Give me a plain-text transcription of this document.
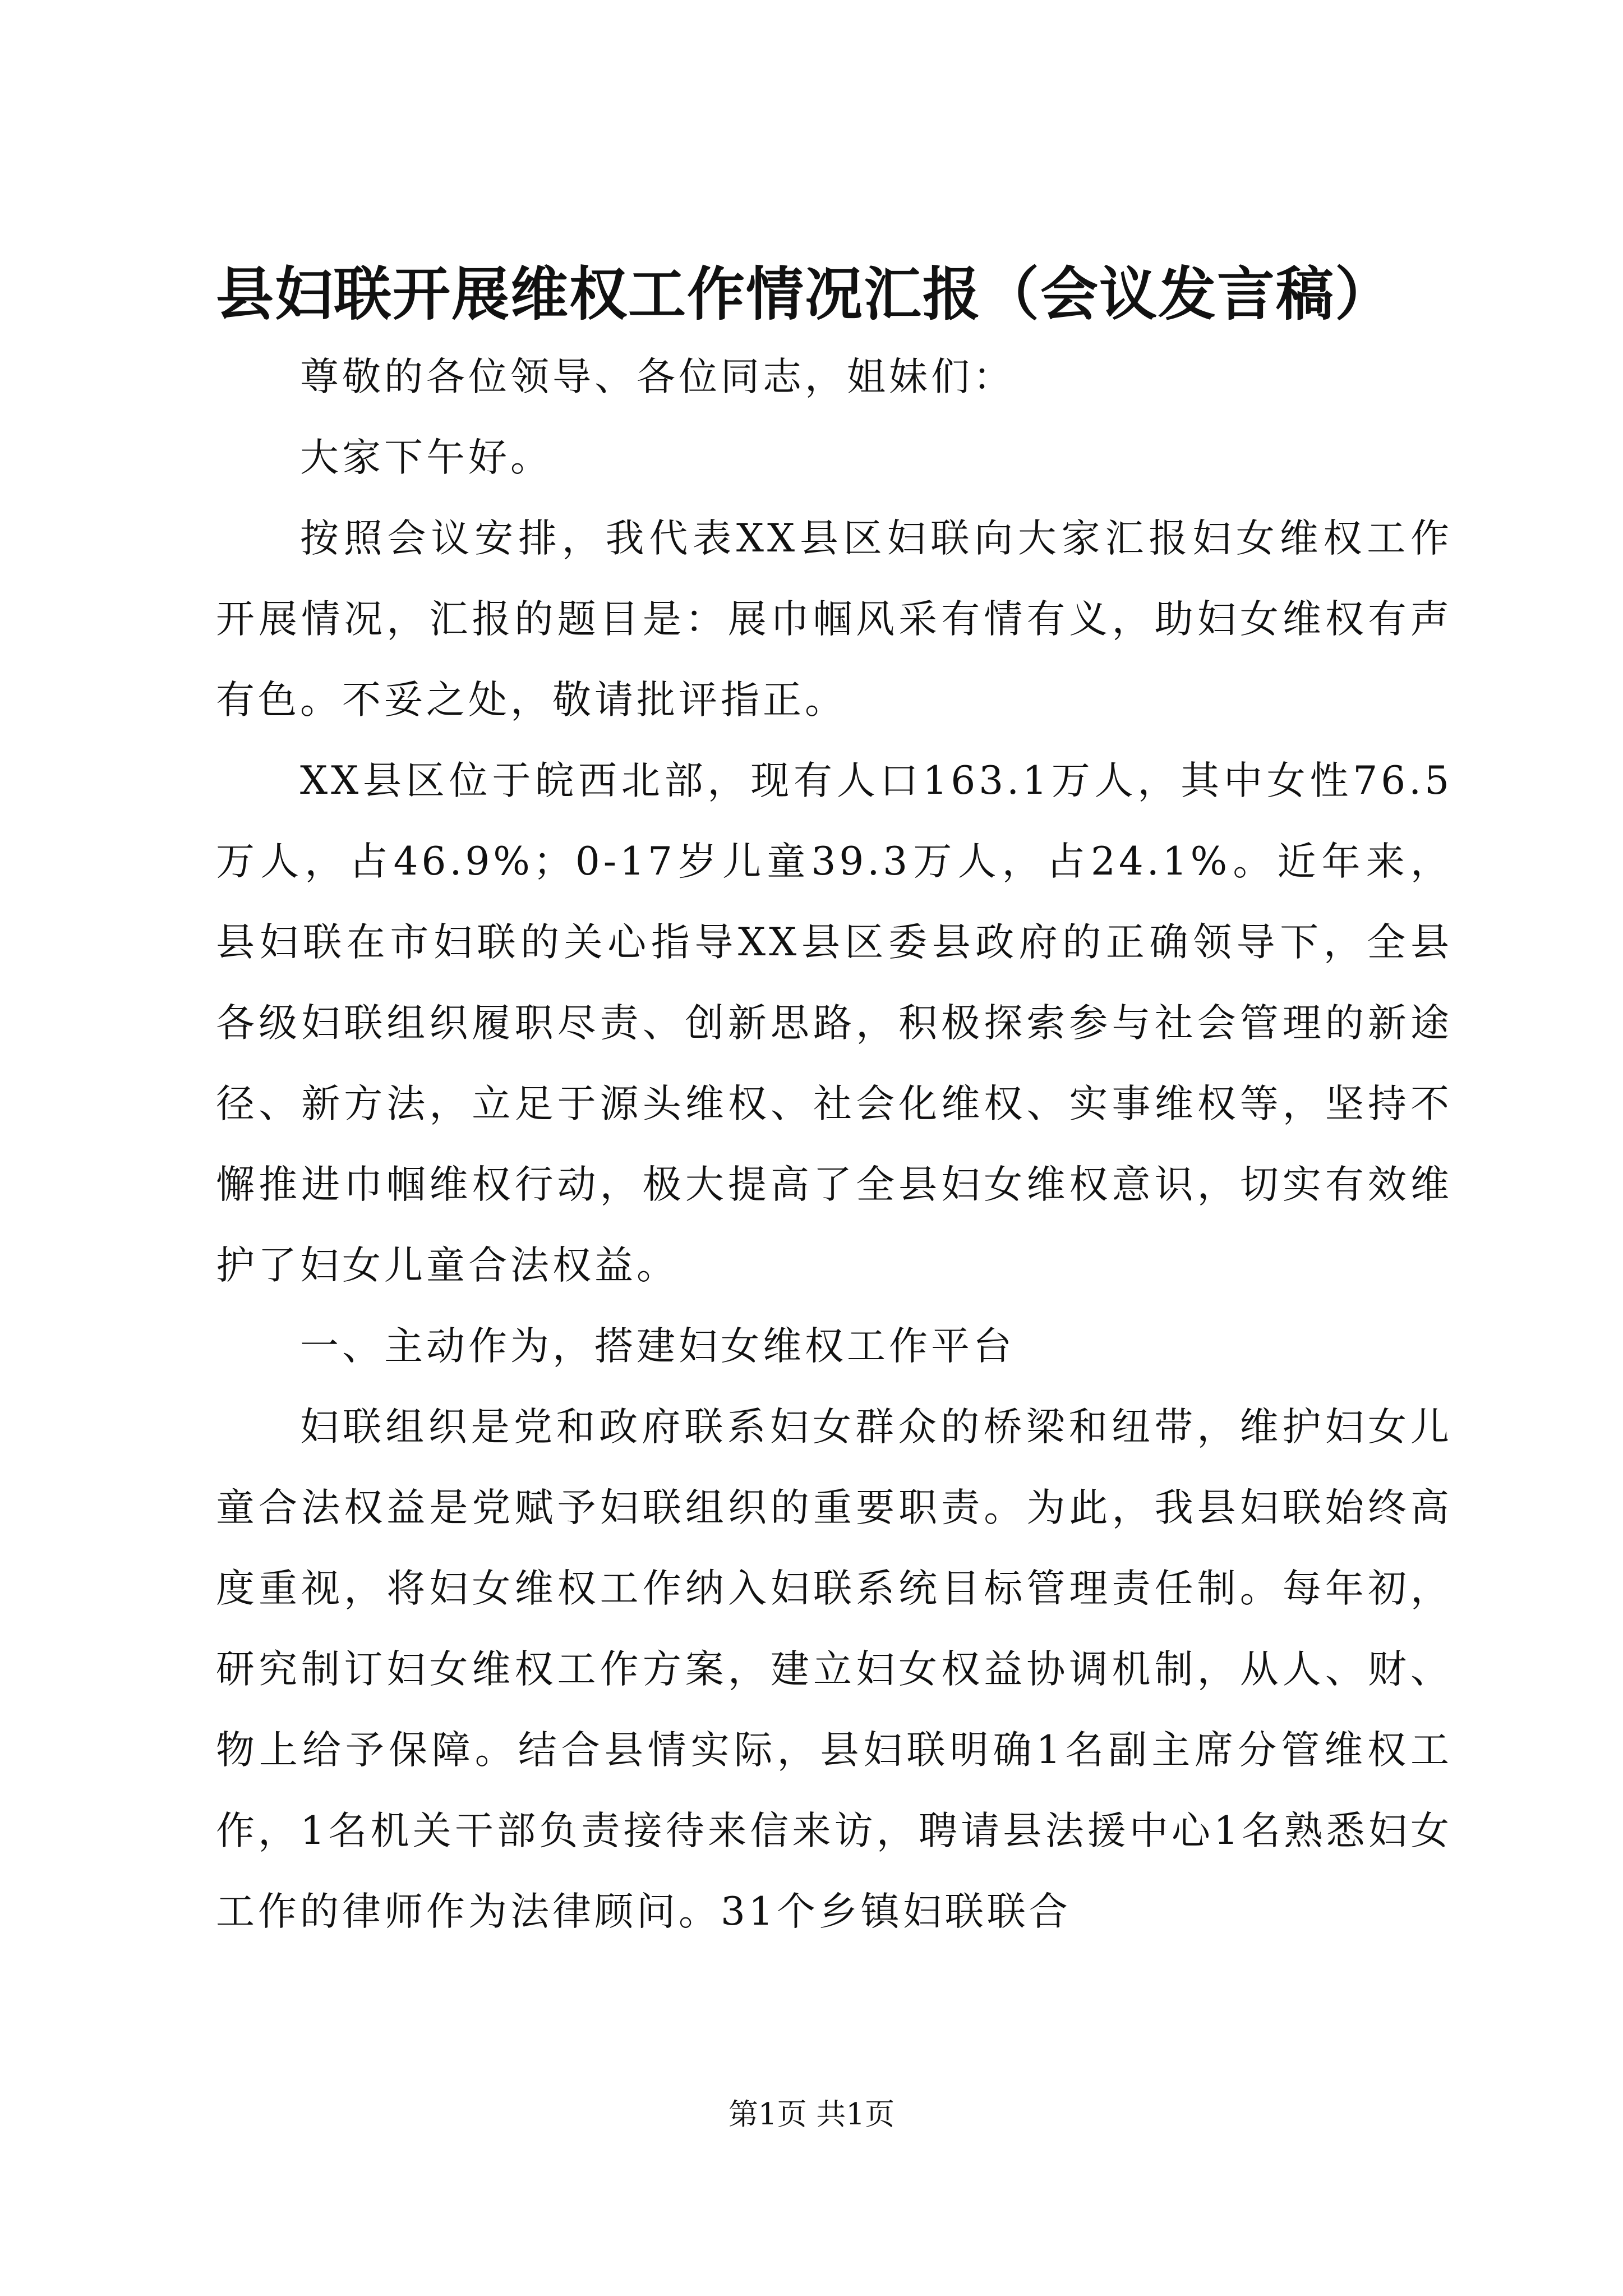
县妇联开展维权工作情况汇报（会议发言稿）

尊敬的各位领导、各位同志，姐妹们：

大家下午好。

按照会议安排，我代表XX县区妇联向大家汇报妇女维权工作开展情况，汇报的题目是：展巾帼风采有情有义，助妇女维权有声有色。不妥之处，敬请批评指正。

XX县区位于皖西北部，现有人口163.1万人，其中女性76.5万人，占46.9%；0-17岁儿童39.3万人，占24.1%。近年来，县妇联在市妇联的关心指导XX县区委县政府的正确领导下，全县各级妇联组织履职尽责、创新思路，积极探索参与社会管理的新途径、新方法，立足于源头维权、社会化维权、实事维权等，坚持不懈推进巾帼维权行动，极大提高了全县妇女维权意识，切实有效维护了妇女儿童合法权益。

一、主动作为，搭建妇女维权工作平台

妇联组织是党和政府联系妇女群众的桥梁和纽带，维护妇女儿童合法权益是党赋予妇联组织的重要职责。为此，我县妇联始终高度重视，将妇女维权工作纳入妇联系统目标管理责任制。每年初，研究制订妇女维权工作方案，建立妇女权益协调机制，从人、财、物上给予保障。结合县情实际，县妇联明确1名副主席分管维权工作，1名机关干部负责接待来信来访，聘请县法援中心1名熟悉妇女工作的律师作为法律顾问。31个乡镇妇联联合

第1页 共1页
